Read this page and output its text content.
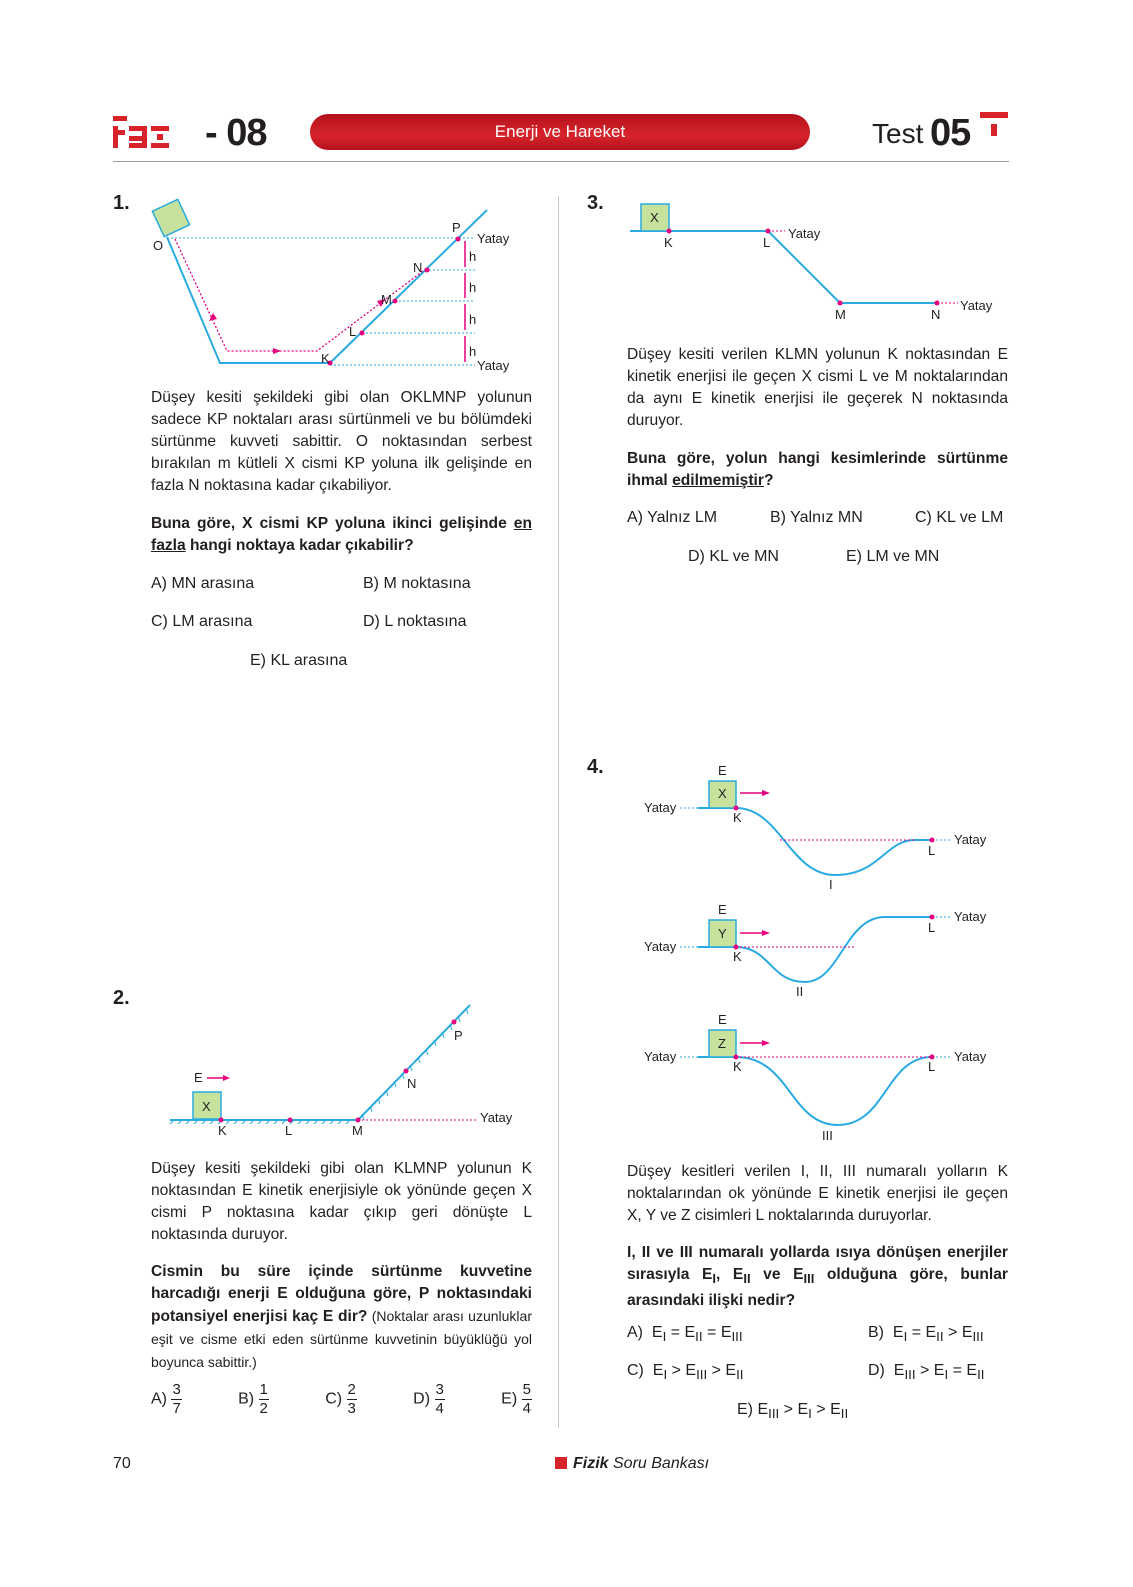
- 08	Enerji ve Hareket	Test 05
1.
O
K
L
M
N
P
Yatay
Yatay
h
h
h
h
Düşey kesiti şekildeki gibi olan OKLMNP yolunun sadece KP noktaları arası sürtünmeli ve bu bölümdeki sürtünme kuvveti sabittir. O noktasından serbest bırakılan m kütleli X cismi KP yoluna ilk gelişinde en fazla N noktasına kadar çıkabiliyor.
Buna göre, X cismi KP yoluna ikinci gelişinde en fazla hangi noktaya kadar çıkabilir?
A) MN arasına	B) M noktasına
C) LM arasına	D) L noktasına
E) KL arasına
2.
E
X
K	L	M
N
P
Yatay
Düşey kesiti şekildeki gibi olan KLMNP yolunun K noktasından E kinetik enerjisiyle ok yönünde geçen X cismi P noktasına kadar çıkıp geri dönüşte L noktasında duruyor.
Cismin bu süre içinde sürtünme kuvvetine harcadığı enerji E olduğuna göre, P noktasındaki potansiyel enerjisi kaç E dir? (Noktalar arası uzunluklar eşit ve cisme etki eden sürtünme kuvvetinin büyüklüğü yol boyunca sabittir.)
$A) \frac{3}{7}$	$B) \frac{1}{2}$	$C) \frac{2}{3}$	$D) \frac{3}{4}$	$E) \frac{5}{4}$
3.
X
K	L
Yatay
M	N
Yatay
Düşey kesiti verilen KLMN yolunun K noktasından E kinetik enerjisi ile geçen X cismi L ve M noktalarından da aynı E kinetik enerjisi ile geçerek N noktasında duruyor.
Buna göre, yolun hangi kesimlerinde sürtünme ihmal edilmemiştir?
A) Yalnız LM	B) Yalnız MN	C) KL ve LM
D) KL ve MN	E) LM ve MN
4.	E
X
Yatay
K
L
Yatay
I
E
Y
Yatay
K
L
Yatay
II
E
Z
Yatay
K	L
Yatay
III
Düşey kesitleri verilen I, II, III numaralı yolların K noktalarından ok yönünde E kinetik enerjisi ile geçen X, Y ve Z cisimleri L noktalarında duruyorlar.
I, II ve III numaralı yollarda ısıya dönüşen enerjiler sırasıyla $E_I$, $E_{II}$ ve $E_{III}$ olduğuna göre, bunlar arasındaki ilişki nedir?
A)  $E_I = E_{II} = E_{III}$	B)  $E_I = E_{II} > E_{III}$
C)  $E_I > E_{III} > E_{II}$	D)  $E_{III} > E_I = E_{II}$
E) $E_{III} > E_I > E_{II}$
70	Fizik Soru Bankası
